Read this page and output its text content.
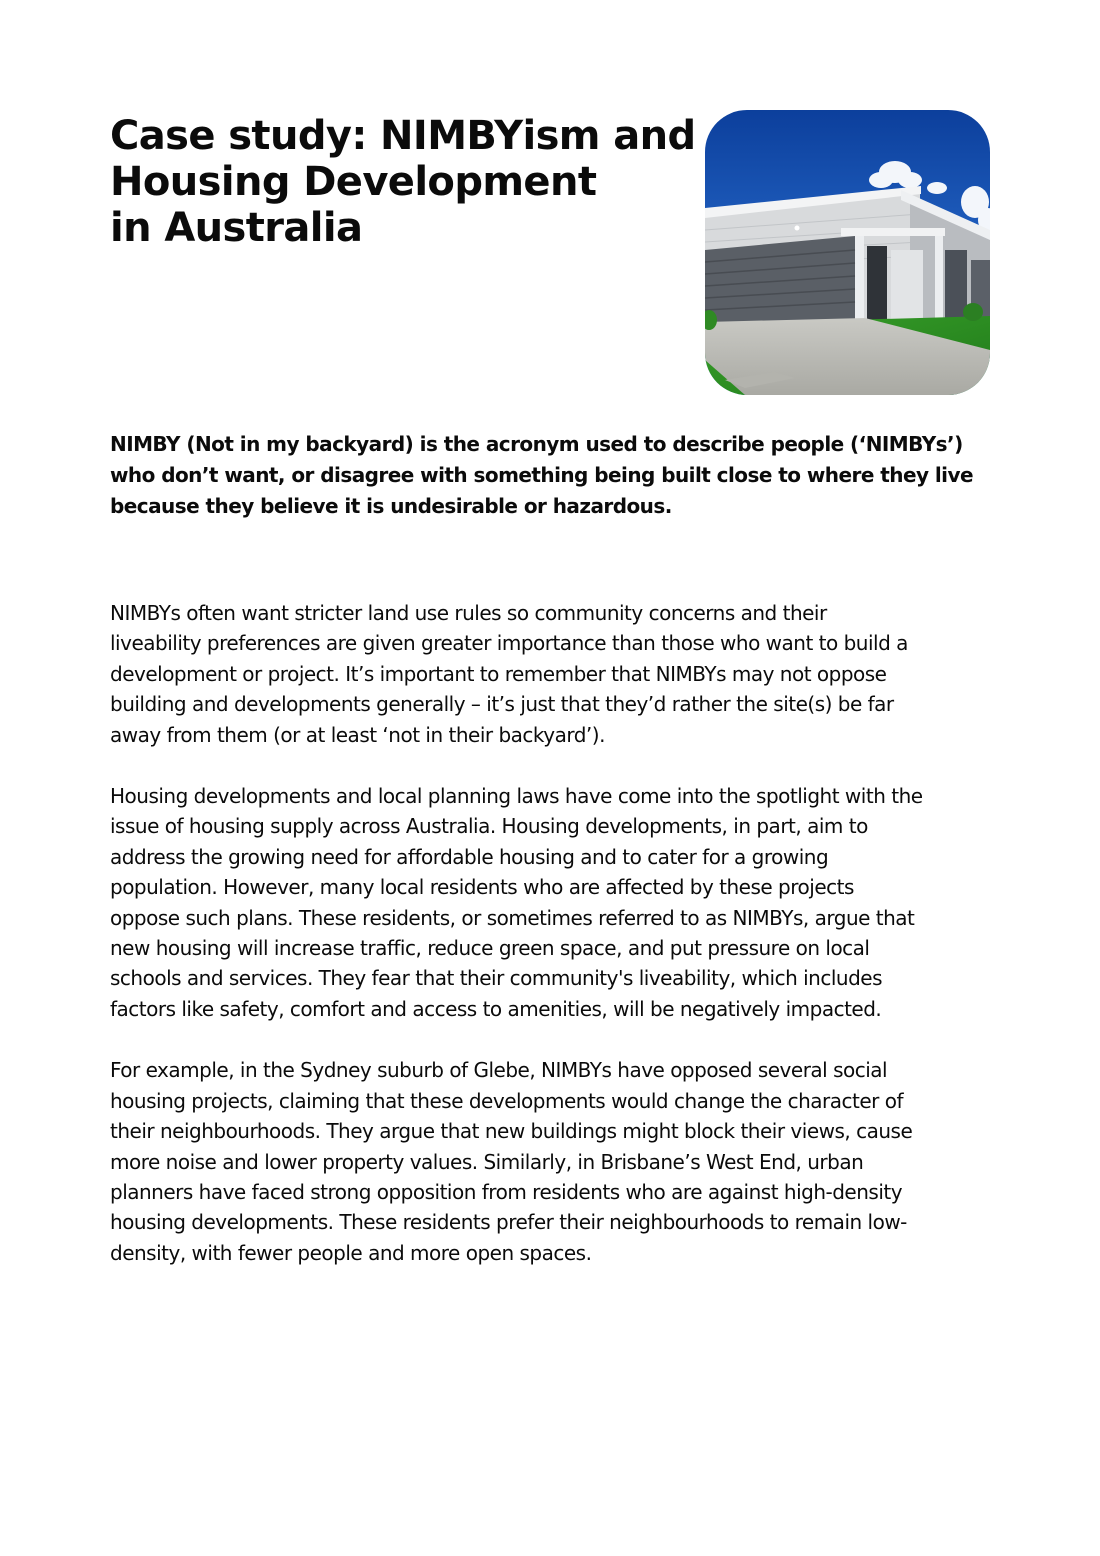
Case study: NIMBYism and
Housing Development
in Australia

NIMBY (Not in my backyard) is the acronym used to describe people (‘NIMBYs’)
who don’t want, or disagree with something being built close to where they live
because they believe it is undesirable or hazardous.

NIMBYs often want stricter land use rules so community concerns and their
liveability preferences are given greater importance than those who want to build a
development or project. It’s important to remember that NIMBYs may not oppose
building and developments generally – it’s just that they’d rather the site(s) be far
away from them (or at least ‘not in their backyard’).

Housing developments and local planning laws have come into the spotlight with the
issue of housing supply across Australia. Housing developments, in part, aim to
address the growing need for affordable housing and to cater for a growing
population. However, many local residents who are affected by these projects
oppose such plans. These residents, or sometimes referred to as NIMBYs, argue that
new housing will increase traffic, reduce green space, and put pressure on local
schools and services. They fear that their community's liveability, which includes
factors like safety, comfort and access to amenities, will be negatively impacted.

For example, in the Sydney suburb of Glebe, NIMBYs have opposed several social
housing projects, claiming that these developments would change the character of
their neighbourhoods. They argue that new buildings might block their views, cause
more noise and lower property values. Similarly, in Brisbane’s West End, urban
planners have faced strong opposition from residents who are against high-density
housing developments. These residents prefer their neighbourhoods to remain low-
density, with fewer people and more open spaces.
